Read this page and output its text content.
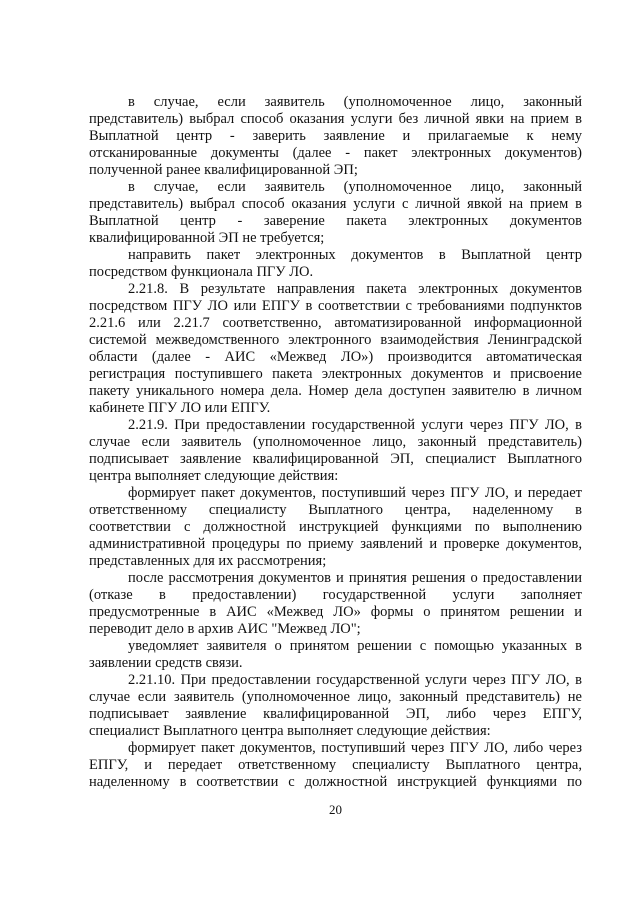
в случае, если заявитель (уполномоченное лицо, законный
представитель) выбрал способ оказания услуги без личной явки на прием в
Выплатной центр - заверить заявление и прилагаемые к нему
отсканированные документы (далее - пакет электронных документов)
полученной ранее квалифицированной ЭП;
в случае, если заявитель (уполномоченное лицо, законный
представитель) выбрал способ оказания услуги с личной явкой на прием в
Выплатной центр - заверение пакета электронных документов
квалифицированной ЭП не требуется;
направить пакет электронных документов в Выплатной центр
посредством функционала ПГУ ЛО.
2.21.8. В результате направления пакета электронных документов
посредством ПГУ ЛО или ЕПГУ в соответствии с требованиями подпунктов
2.21.6 или 2.21.7 соответственно, автоматизированной информационной
системой межведомственного электронного взаимодействия Ленинградской
области (далее - АИС «Межвед ЛО») производится автоматическая
регистрация поступившего пакета электронных документов и присвоение
пакету уникального номера дела. Номер дела доступен заявителю в личном
кабинете ПГУ ЛО или ЕПГУ.
2.21.9. При предоставлении государственной услуги через ПГУ ЛО, в
случае если заявитель (уполномоченное лицо, законный представитель)
подписывает заявление квалифицированной ЭП, специалист Выплатного
центра выполняет следующие действия:
формирует пакет документов, поступивший через ПГУ ЛО, и передает
ответственному специалисту Выплатного центра, наделенному в
соответствии с должностной инструкцией функциями по выполнению
административной процедуры по приему заявлений и проверке документов,
представленных для их рассмотрения;
после рассмотрения документов и принятия решения о предоставлении
(отказе в предоставлении) государственной услуги заполняет
предусмотренные в АИС «Межвед ЛО» формы о принятом решении и
переводит дело в архив АИС "Межвед ЛО";
уведомляет заявителя о принятом решении с помощью указанных в
заявлении средств связи.
2.21.10. При предоставлении государственной услуги через ПГУ ЛО, в
случае если заявитель (уполномоченное лицо, законный представитель) не
подписывает заявление квалифицированной ЭП, либо через ЕПГУ,
специалист Выплатного центра выполняет следующие действия:
формирует пакет документов, поступивший через ПГУ ЛО, либо через
ЕПГУ, и передает ответственному специалисту Выплатного центра,
наделенному в соответствии с должностной инструкцией функциями по
20
